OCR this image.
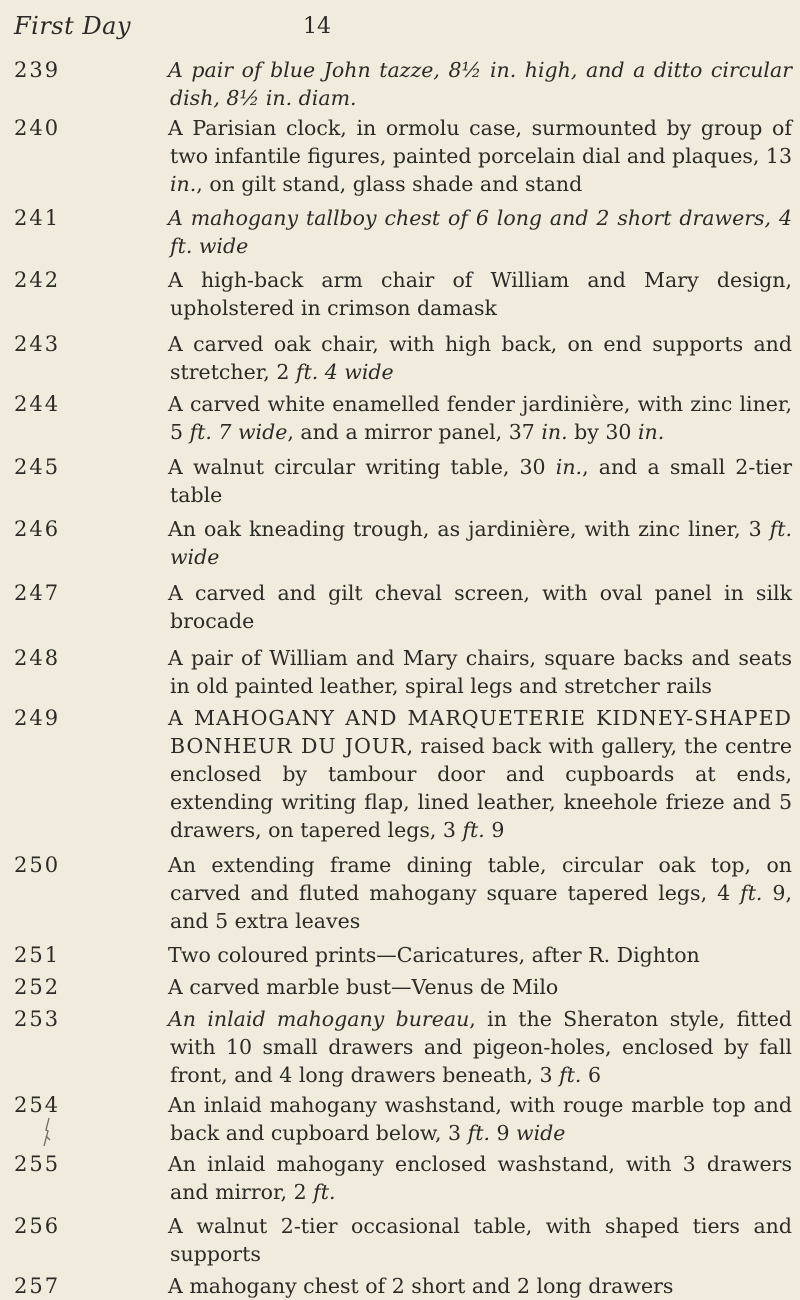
First Day	14
239	A pair of blue John tazze, 8½ in. high, and a ditto circular dish, 8½ in. diam.
240	A Parisian clock, in ormolu case, surmounted by group of two infantile figures, painted porcelain dial and plaques, 13 in., on gilt stand, glass shade and stand
241	A mahogany tallboy chest of 6 long and 2 short drawers, 4 ft. wide
242	A high-back arm chair of William and Mary design, upholstered in crimson damask
243	A carved oak chair, with high back, on end supports and stretcher, 2 ft. 4 wide
244	A carved white enamelled fender jardinière, with zinc liner, 5 ft. 7 wide, and a mirror panel, 37 in. by 30 in.
245	A walnut circular writing table, 30 in., and a small 2-tier table
246	An oak kneading trough, as jardinière, with zinc liner, 3 ft. wide
247	A carved and gilt cheval screen, with oval panel in silk brocade
248	A pair of William and Mary chairs, square backs and seats in old painted leather, spiral legs and stretcher rails
249	A MAHOGANY AND MARQUETERIE KIDNEY-SHAPED BONHEUR DU JOUR, raised back with gallery, the centre enclosed by tambour door and cupboards at ends, extending writing flap, lined leather, kneehole frieze and 5 drawers, on tapered legs, 3 ft. 9
250	An extending frame dining table, circular oak top, on carved and fluted mahogany square tapered legs, 4 ft. 9, and 5 extra leaves
251	Two coloured prints—Caricatures, after R. Dighton
252	A carved marble bust—Venus de Milo
253	An inlaid mahogany bureau, in the Sheraton style, fitted with 10 small drawers and pigeon-holes, enclosed by fall front, and 4 long drawers beneath, 3 ft. 6
254	An inlaid mahogany washstand, with rouge marble top and back and cupboard below, 3 ft. 9 wide
255	An inlaid mahogany enclosed washstand, with 3 drawers and mirror, 2 ft.
256	A walnut 2-tier occasional table, with shaped tiers and supports
257	A mahogany chest of 2 short and 2 long drawers
